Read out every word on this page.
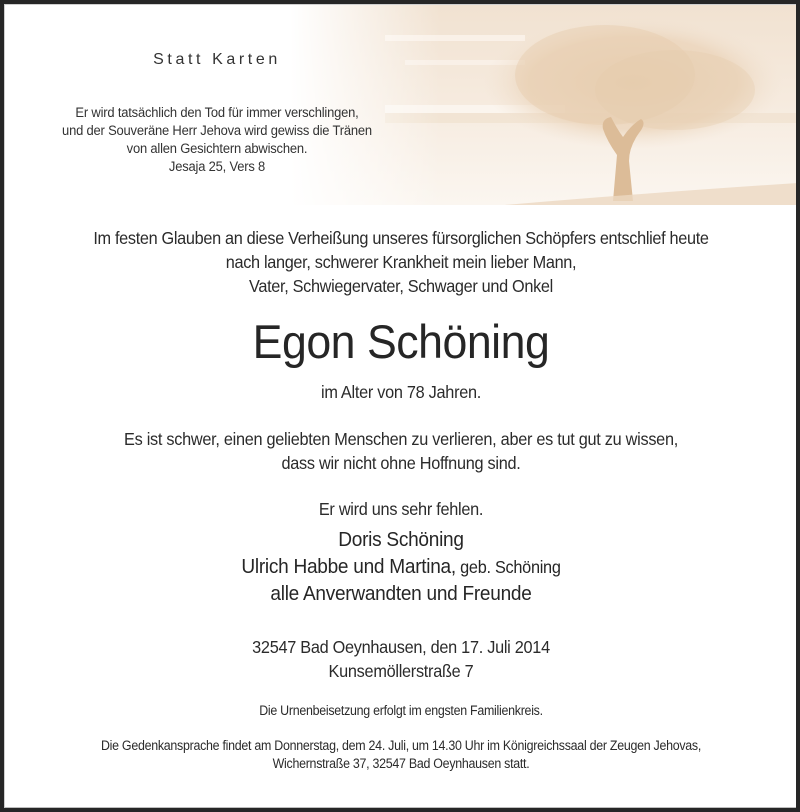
Statt Karten
Er wird tatsächlich den Tod für immer verschlingen,
und der Souveräne Herr Jehova wird gewiss die Tränen
von allen Gesichtern abwischen.
Jesaja 25, Vers 8
Im festen Glauben an diese Verheißung unseres fürsorglichen Schöpfers entschlief heute
nach langer, schwerer Krankheit mein lieber Mann,
Vater, Schwiegervater, Schwager und Onkel
Egon Schöning
im Alter von 78 Jahren.
Es ist schwer, einen geliebten Menschen zu verlieren, aber es tut gut zu wissen,
dass wir nicht ohne Hoffnung sind.
Er wird uns sehr fehlen.
Doris Schöning
Ulrich Habbe und Martina, geb. Schöning
alle Anverwandten und Freunde
32547 Bad Oeynhausen, den 17. Juli 2014
Kunsemöllerstraße 7
Die Urnenbeisetzung erfolgt im engsten Familienkreis.
Die Gedenkansprache findet am Donnerstag, dem 24. Juli, um 14.30 Uhr im Königreichssaal der Zeugen Jehovas,
Wichernstraße 37, 32547 Bad Oeynhausen statt.
